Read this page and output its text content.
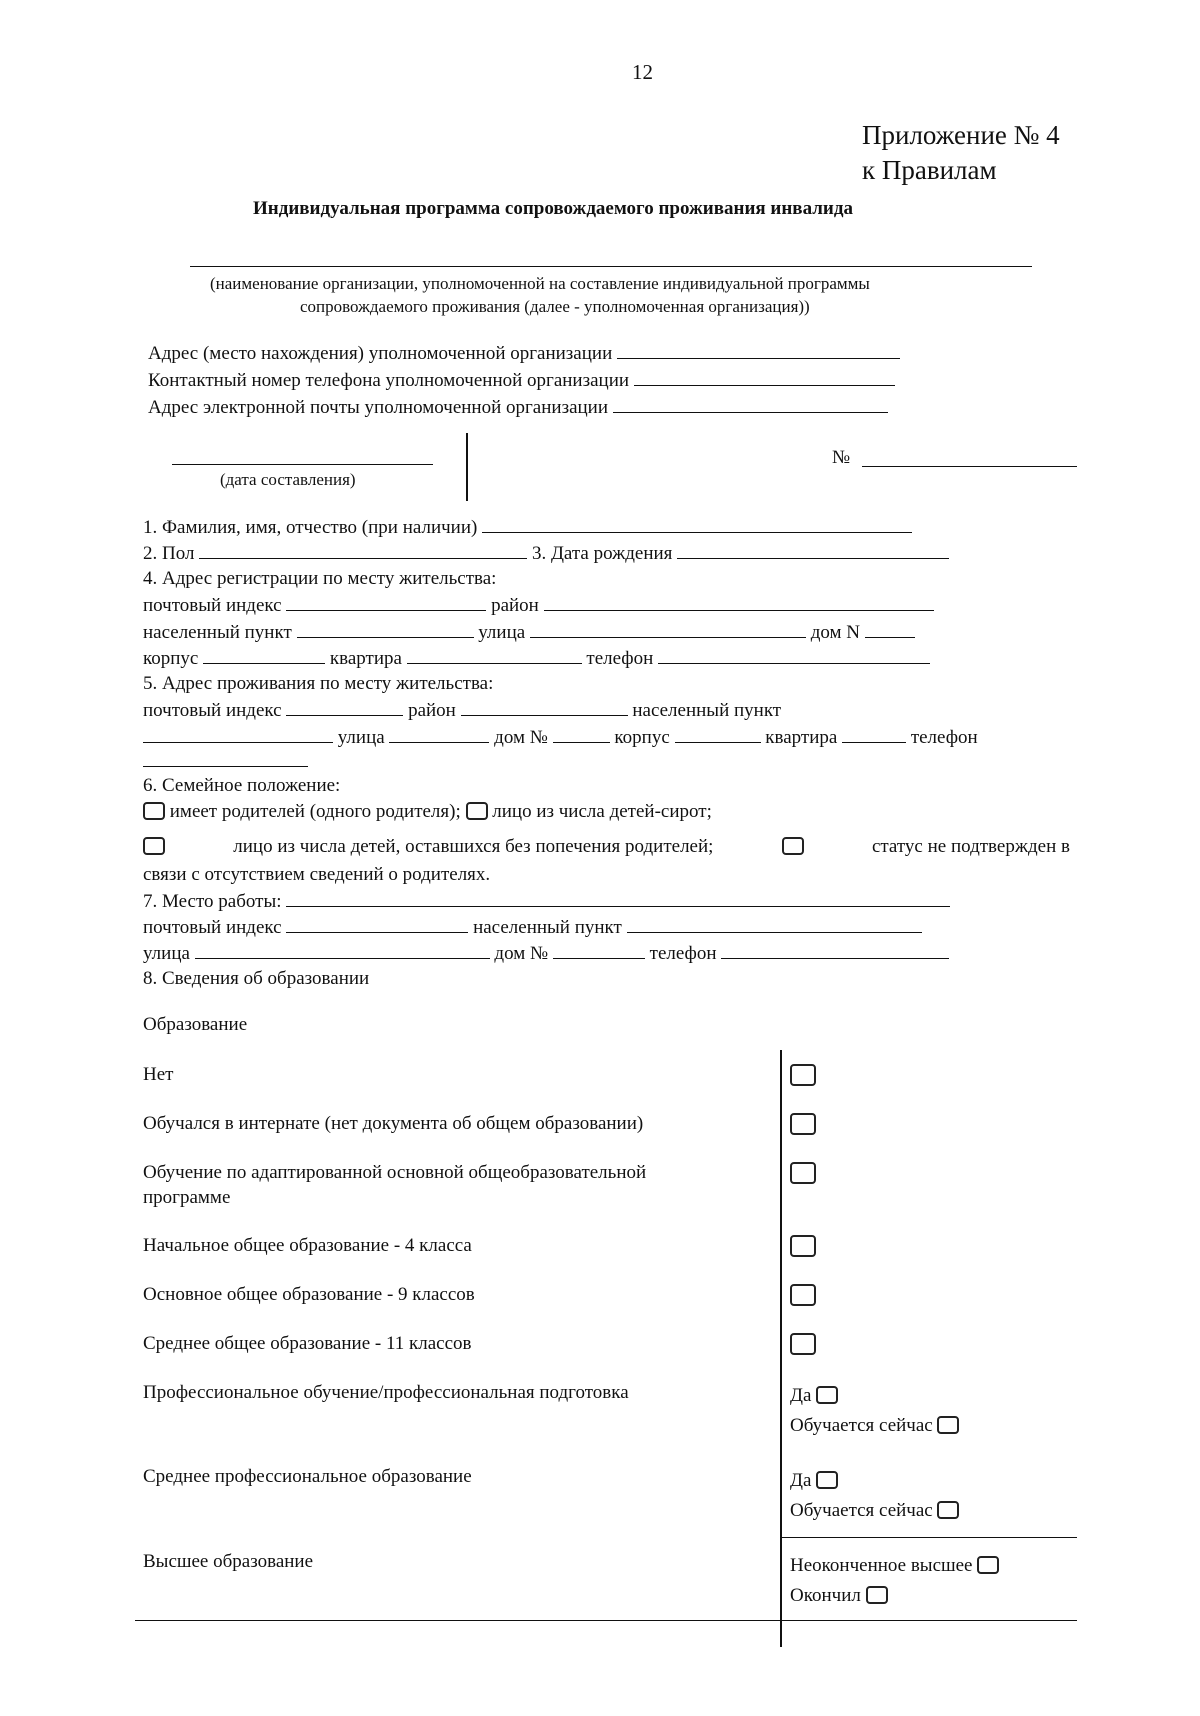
12
Приложение № 4
к Правилам
Индивидуальная программа сопровождаемого проживания инвалида
(наименование организации, уполномоченной на составление индивидуальной программы
сопровождаемого проживания (далее - уполномоченная организация))
Адрес (место нахождения) уполномоченной организации
Контактный номер телефона уполномоченной организации
Адрес электронной почты уполномоченной организации
(дата составления)
№
1. Фамилия, имя, отчество (при наличии)
2. Пол	3. Дата рождения
4. Адрес регистрации по месту жительства:
почтовый индекс	район
населенный пункт	улица	дом N
корпус	квартира	телефон
5. Адрес проживания по месту жительства:
почтовый индекс	район	населенный пункт
улица	дом №	корпус	квартира	телефон
6. Семейное положение:
имеет родителей (одного родителя); лицо из числа детей-сирот;
лицо из числа детей, оставшихся без попечения родителей;	статус не подтвержден в
связи с отсутствием сведений о родителях.
7. Место работы:
почтовый индекс	населенный пункт
улица	дом №	телефон
8. Сведения об образовании
Образование
Нет
Обучался в интернате (нет документа об общем образовании)
Обучение по адаптированной основной общеобразовательной
программе
Начальное общее образование - 4 класса
Основное общее образование - 9 классов
Среднее общее образование - 11 классов
Профессиональное обучение/профессиональная подготовка	Да
Обучается сейчас
Среднее профессиональное образование	Да
Обучается сейчас
Высшее образование	Неоконченное высшее
Окончил
